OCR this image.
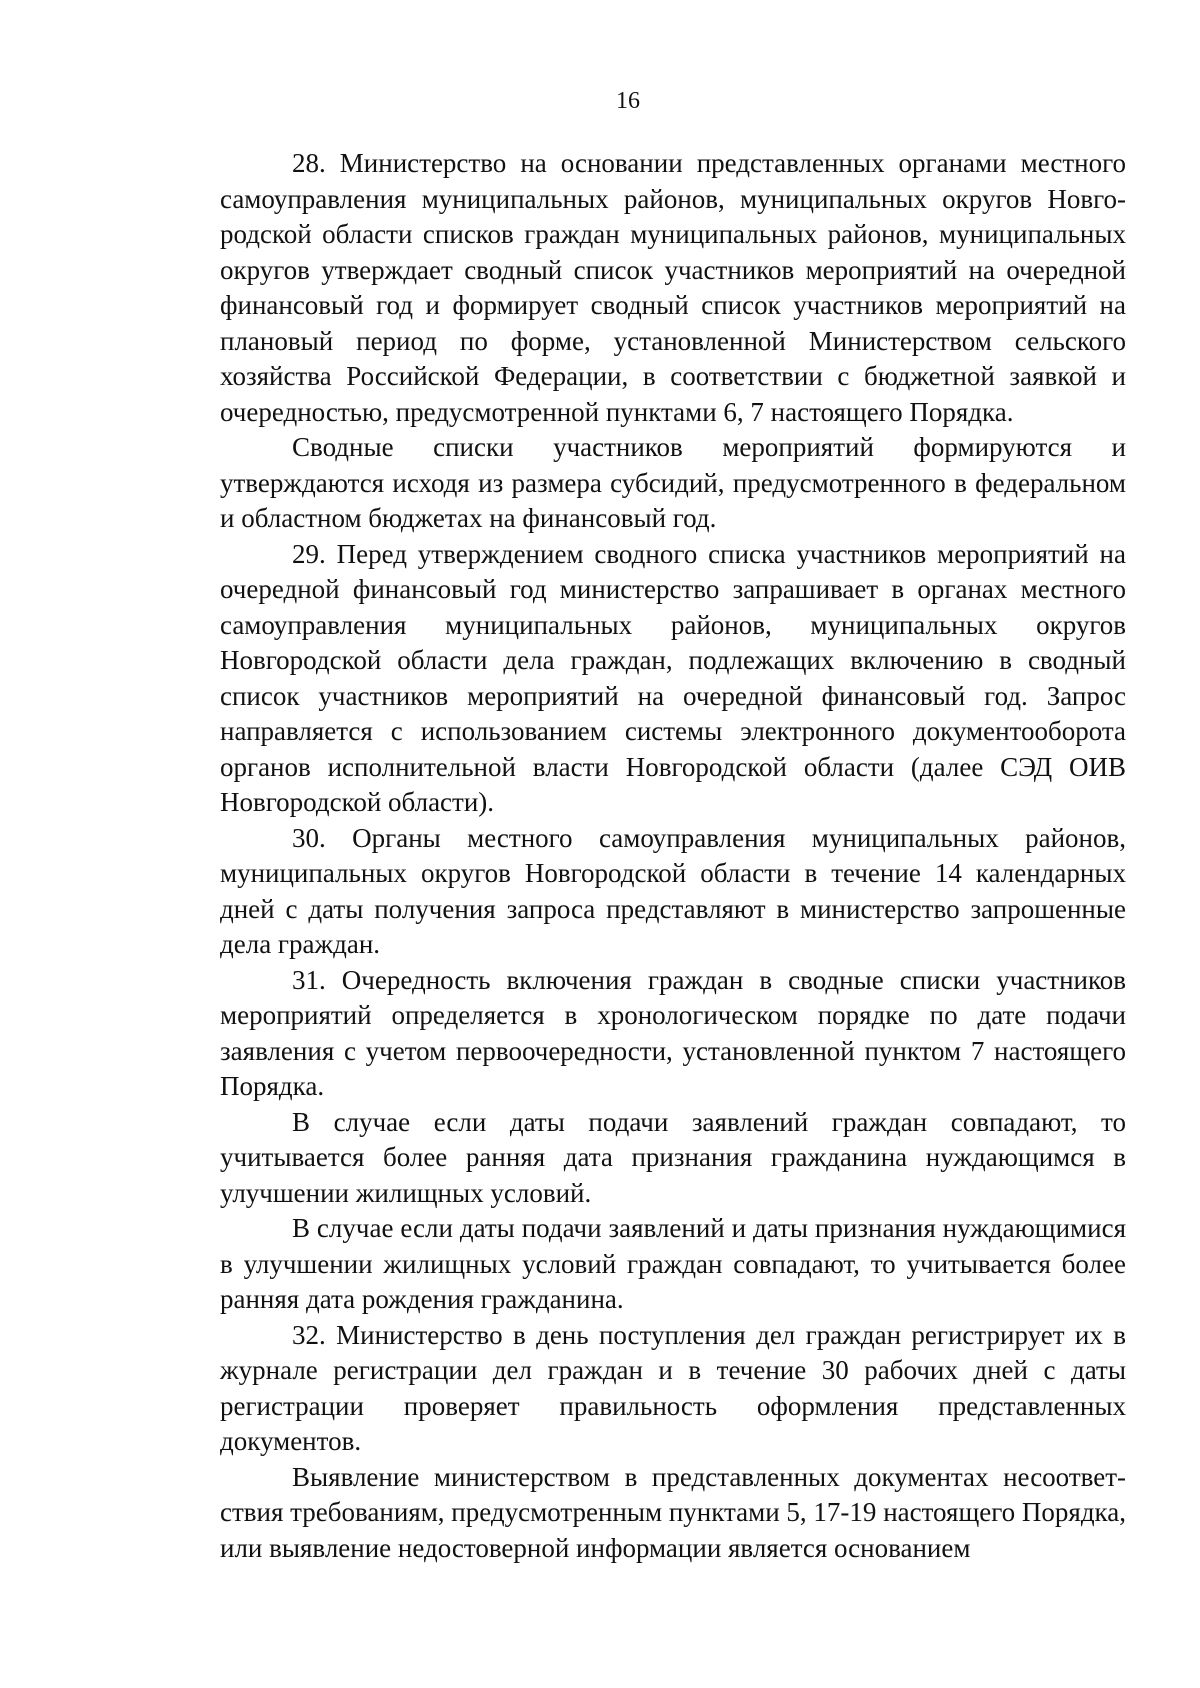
16

28. Министерство на основании представленных органами местного самоуправления муниципальных районов, муниципальных округов Новгородской области списков граждан муниципальных районов, муниципальных округов утверждает сводный список участников мероприятий на очередной финансовый год и формирует сводный список участников мероприятий на плановый период по форме, установленной Министерством сельского хозяйства Российской Федерации, в соответствии с бюджетной заявкой и очередностью, предусмотренной пунктами 6, 7 настоящего Порядка.

Сводные списки участников мероприятий формируются и утверждаются исходя из размера субсидий, предусмотренного в федеральном и областном бюджетах на финансовый год.

29. Перед утверждением сводного списка участников мероприятий на очередной финансовый год министерство запрашивает в органах местного самоуправления муниципальных районов, муниципальных округов Новгородской области дела граждан, подлежащих включению в сводный список участников мероприятий на очередной финансовый год. Запрос направляется с использованием системы электронного документооборота органов исполнительной власти Новгородской области (далее СЭД ОИВ Новгородской области).

30. Органы местного самоуправления муниципальных районов, муниципальных округов Новгородской области в течение 14 календарных дней с даты получения запроса представляют в министерство запрошенные дела граждан.

31. Очередность включения граждан в сводные списки участников мероприятий определяется в хронологическом порядке по дате подачи заявления с учетом первоочередности, установленной пунктом 7 настоящего Порядка.

В случае если даты подачи заявлений граждан совпадают, то учитывается более ранняя дата признания гражданина нуждающимся в улучшении жилищных условий.

В случае если даты подачи заявлений и даты признания нуждающимися в улучшении жилищных условий граждан совпадают, то учитывается более ранняя дата рождения гражданина.

32. Министерство в день поступления дел граждан регистрирует их в журнале регистрации дел граждан и в течение 30 рабочих дней с даты регистрации проверяет правильность оформления представленных документов.

Выявление министерством в представленных документах несоответствия требованиям, предусмотренным пунктами 5, 17-19 настоящего Порядка, или выявление недостоверной информации является основанием
